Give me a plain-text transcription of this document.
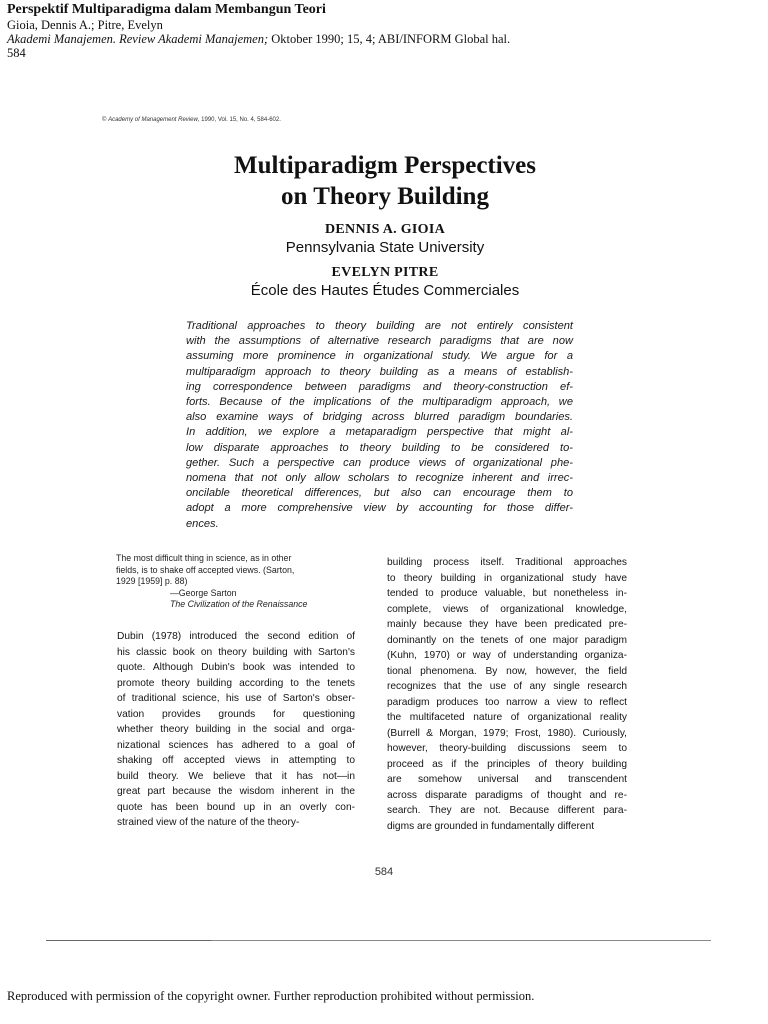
Perspektif Multiparadigma dalam Membangun Teori
Gioia, Dennis A.; Pitre, Evelyn
Akademi Manajemen. Review Akademi Manajemen; Oktober 1990; 15, 4; ABI/INFORM Global hal.
584
© Academy of Management Review, 1990, Vol. 15, No. 4, 584-602.
Multiparadigm Perspectives
on Theory Building
DENNIS A. GIOIA
Pennsylvania State University
EVELYN PITRE
École des Hautes Études Commerciales
Traditional approaches to theory building are not entirely consistent
with the assumptions of alternative research paradigms that are now
assuming more prominence in organizational study. We argue for a
multiparadigm approach to theory building as a means of establish-
ing correspondence between paradigms and theory-construction ef-
forts. Because of the implications of the multiparadigm approach, we
also examine ways of bridging across blurred paradigm boundaries.
In addition, we explore a metaparadigm perspective that might al-
low disparate approaches to theory building to be considered to-
gether. Such a perspective can produce views of organizational phe-
nomena that not only allow scholars to recognize inherent and irrec-
oncilable theoretical differences, but also can encourage them to
adopt a more comprehensive view by accounting for those differ-
ences.
The most difficult thing in science, as in other
fields, is to shake off accepted views. (Sarton,
1929 [1959] p. 88)
—George Sarton
The Civilization of the Renaissance
Dubin (1978) introduced the second edition of
his classic book on theory building with Sarton's
quote. Although Dubin's book was intended to
promote theory building according to the tenets
of traditional science, his use of Sarton's obser-
vation provides grounds for questioning
whether theory building in the social and orga-
nizational sciences has adhered to a goal of
shaking off accepted views in attempting to
build theory. We believe that it has not—in
great part because the wisdom inherent in the
quote has been bound up in an overly con-
strained view of the nature of the theory-
building process itself. Traditional approaches
to theory building in organizational study have
tended to produce valuable, but nonetheless in-
complete, views of organizational knowledge,
mainly because they have been predicated pre-
dominantly on the tenets of one major paradigm
(Kuhn, 1970) or way of understanding organiza-
tional phenomena. By now, however, the field
recognizes that the use of any single research
paradigm produces too narrow a view to reflect
the multifaceted nature of organizational reality
(Burrell & Morgan, 1979; Frost, 1980). Curiously,
however, theory-building discussions seem to
proceed as if the principles of theory building
are somehow universal and transcendent
across disparate paradigms of thought and re-
search. They are not. Because different para-
digms are grounded in fundamentally different
584
Reproduced with permission of the copyright owner. Further reproduction prohibited without permission.
